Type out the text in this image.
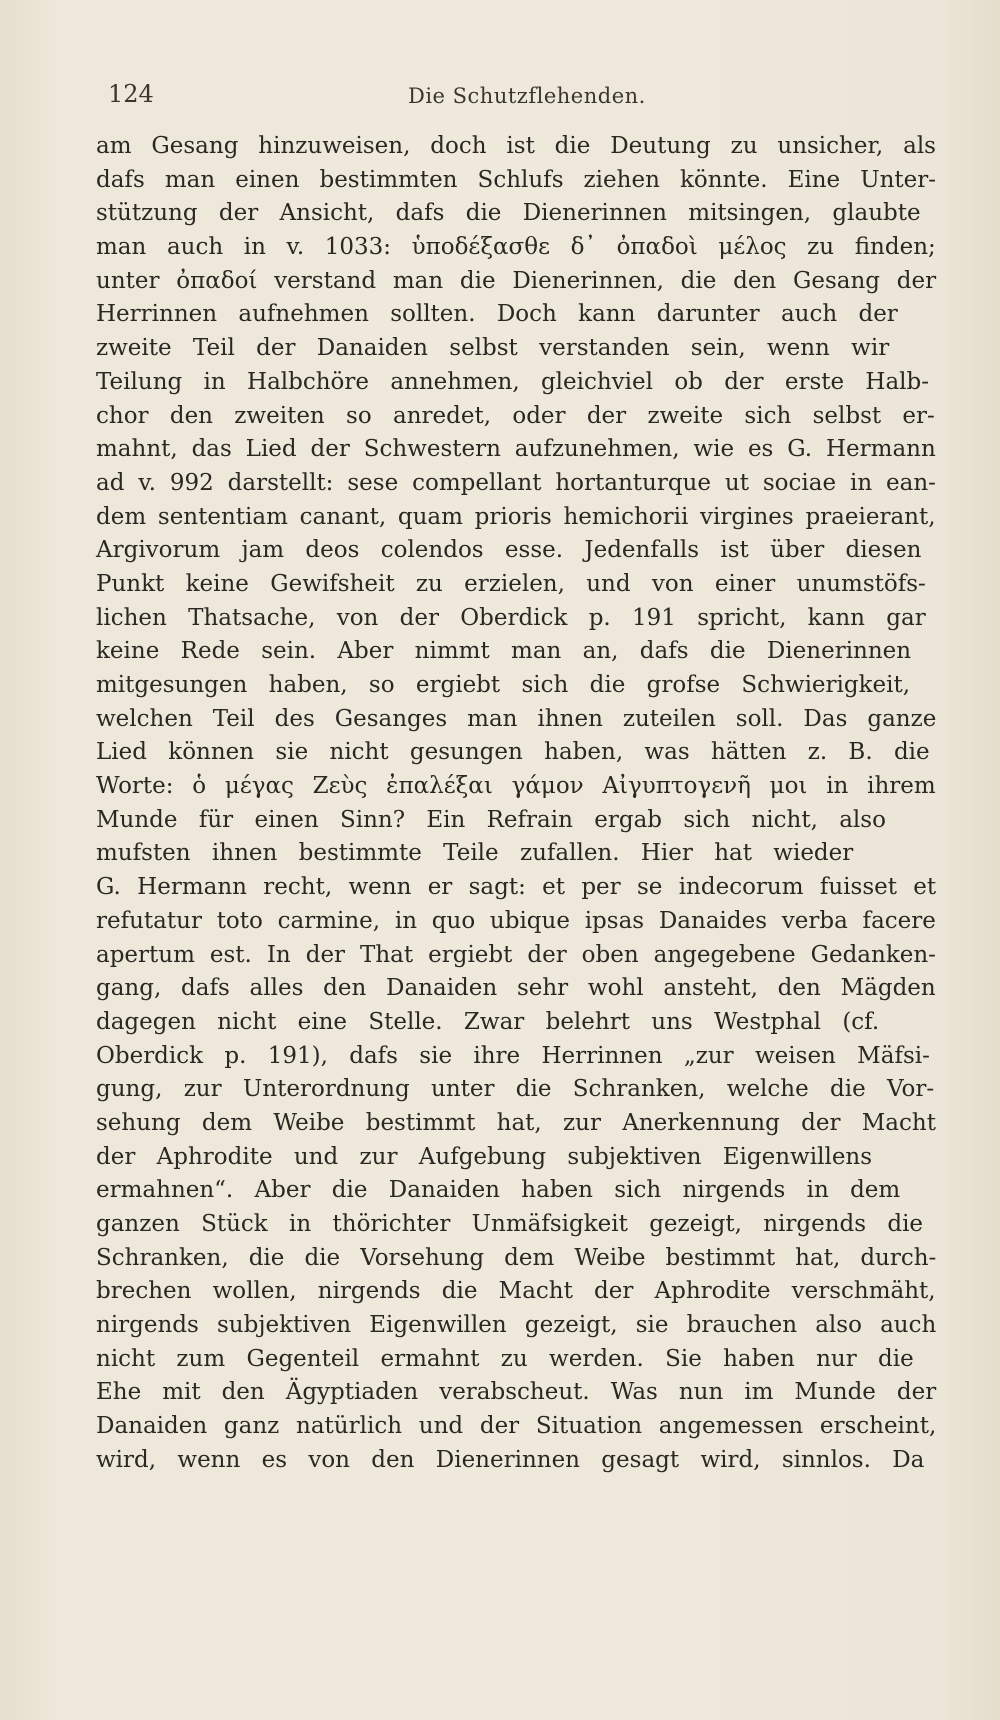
124	Die Schutzflehenden.
am Gesang hinzuweisen, doch ist die Deutung zu unsicher, als
dafs man einen bestimmten Schlufs ziehen könnte. Eine Unter-
stützung der Ansicht, dafs die Dienerinnen mitsingen, glaubte
man auch in v. 1033: ὑποδέξασθε δ᾽ ὀπαδοὶ μέλος zu finden;
unter ὀπαδοί verstand man die Dienerinnen, die den Gesang der
Herrinnen aufnehmen sollten. Doch kann darunter auch der
zweite Teil der Danaiden selbst verstanden sein, wenn wir
Teilung in Halbchöre annehmen, gleichviel ob der erste Halb-
chor den zweiten so anredet, oder der zweite sich selbst er-
mahnt, das Lied der Schwestern aufzunehmen, wie es G. Hermann
ad v. 992 darstellt: sese compellant hortanturque ut sociae in ean-
dem sententiam canant, quam prioris hemichorii virgines praeierant,
Argivorum jam deos colendos esse. Jedenfalls ist über diesen
Punkt keine Gewifsheit zu erzielen, und von einer unumstöfs-
lichen Thatsache, von der Oberdick p. 191 spricht, kann gar
keine Rede sein. Aber nimmt man an, dafs die Dienerinnen
mitgesungen haben, so ergiebt sich die grofse Schwierigkeit,
welchen Teil des Gesanges man ihnen zuteilen soll. Das ganze
Lied können sie nicht gesungen haben, was hätten z. B. die
Worte: ὁ μέγας Ζεὺς ἐπαλέξαι γάμον Αἰγυπτογενῆ μοι in ihrem
Munde für einen Sinn? Ein Refrain ergab sich nicht, also
mufsten ihnen bestimmte Teile zufallen. Hier hat wieder
G. Hermann recht, wenn er sagt: et per se indecorum fuisset et
refutatur toto carmine, in quo ubique ipsas Danaides verba facere
apertum est. In der That ergiebt der oben angegebene Gedanken-
gang, dafs alles den Danaiden sehr wohl ansteht, den Mägden
dagegen nicht eine Stelle. Zwar belehrt uns Westphal (cf.
Oberdick p. 191), dafs sie ihre Herrinnen „zur weisen Mäfsi-
gung, zur Unterordnung unter die Schranken, welche die Vor-
sehung dem Weibe bestimmt hat, zur Anerkennung der Macht
der Aphrodite und zur Aufgebung subjektiven Eigenwillens
ermahnen“. Aber die Danaiden haben sich nirgends in dem
ganzen Stück in thörichter Unmäfsigkeit gezeigt, nirgends die
Schranken, die die Vorsehung dem Weibe bestimmt hat, durch-
brechen wollen, nirgends die Macht der Aphrodite verschmäht,
nirgends subjektiven Eigenwillen gezeigt, sie brauchen also auch
nicht zum Gegenteil ermahnt zu werden. Sie haben nur die
Ehe mit den Ägyptiaden verabscheut. Was nun im Munde der
Danaiden ganz natürlich und der Situation angemessen erscheint,
wird, wenn es von den Dienerinnen gesagt wird, sinnlos. Da
